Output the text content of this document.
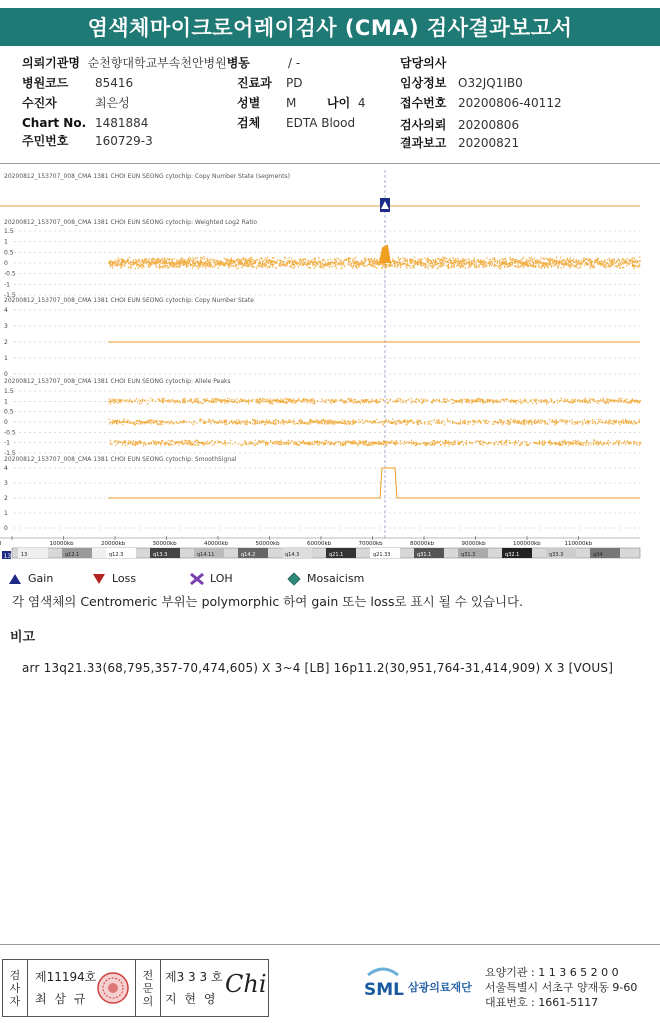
염색체마이크로어레이검사 (CMA) 검사결과보고서
의뢰기관명 순천향대학교부속천안병원병동	/ -	담당의사
병원코드 85416	진료과 PD	임상정보 O32JQ1IB0
수진자	최은성	성별 M	나이 4	접수번호 20200806-40112
Chart No. 1481884	검체 EDTA Blood	검사의뢰 20200806
주민번호 160729-3	결과보고 20200821
20200812_153707_008_CMA 1381 CHOI EUN SEONG cytochip: Copy Number State (segments)
20200812_153707_008_CMA 1381 CHOI EUN SEONG cytochip: Weighted Log2 Ratio
1.5
1
0.5
0
-0.5
-1
-1.5
20200812_153707_008_CMA 1381 CHOI EUN SEONG cytochip: Copy Number State
4
3
2
1
0
20200812_153707_008_CMA 1381 CHOI EUN SEONG cytochip: Allele Peaks
1.5
1
0.5
0
-0.5
-1
-1.5
20200812_153707_008_CMA 1381 CHOI EUN SEONG cytochip: SmoothSignal
4
3
2
1
0
10000kb	20000kb	30000kb	40000kb	50000kb	60000kb	70000kb	80000kb	90000kb	100000kb	110000kb
13	q12.1	q12.3	q13.3	q14.11	q14.2	q14.3	q21.1	q21.33	q31.1	q31.3	q32.1	q33.3	q34
13
Gain	Loss	LOH	Mosaicism
각 염색체의 Centromeric 부위는 polymorphic 하여 gain 또는 loss로 표시 될 수 있습니다.
비고
arr 13q21.33(68,795,357-70,474,605) X 3~4 [LB] 16p11.2(30,951,764-31,414,909) X 3 [VOUS]
검
사
자
제11194호
최 삼 규
전
문
의
제3 3 3 호
지 현 영
Chi	SML 삼광의료재단
요양기관 : 1 1 3 6 5 2 0 0
서울특별시 서초구 양재동 9-60
대표번호 : 1661-5117
